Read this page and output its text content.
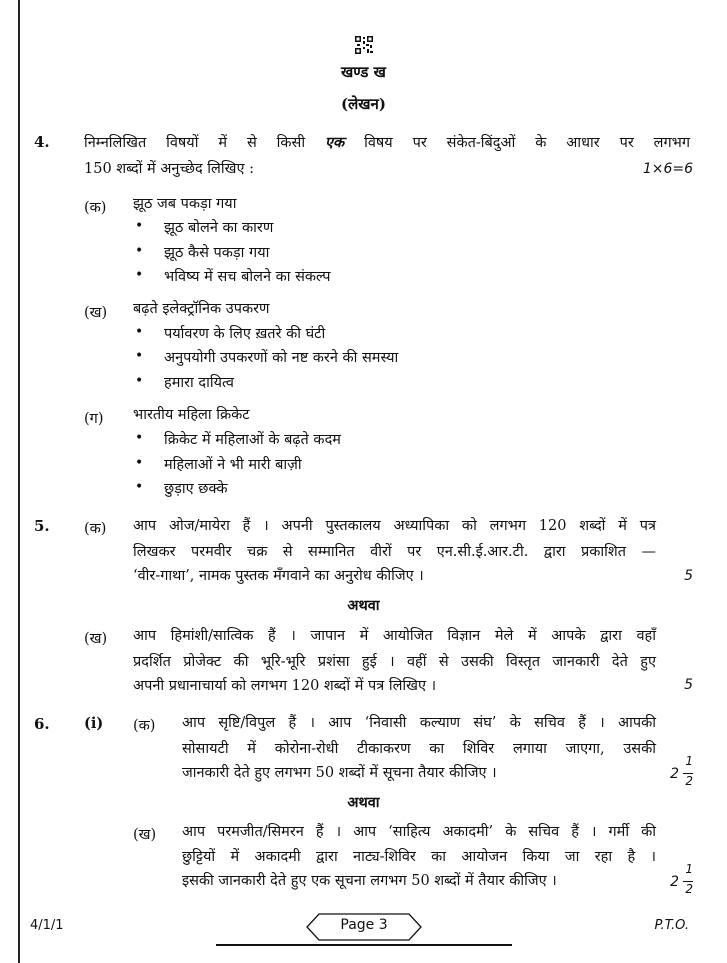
खण्ड ख
(लेखन)
4. निम्नलिखित विषयों में से किसी एक विषय पर संकेत-बिंदुओं के आधार पर लगभग
150 शब्दों में अनुच्छेद लिखिए :	1×6=6
(क) झूठ जब पकड़ा गया
• झूठ बोलने का कारण
• झूठ कैसे पकड़ा गया
• भविष्य में सच बोलने का संकल्प
(ख) बढ़ते इलेक्ट्रॉनिक उपकरण
• पर्यावरण के लिए ख़तरे की घंटी
• अनुपयोगी उपकरणों को नष्ट करने की समस्या
• हमारा दायित्व
(ग) भारतीय महिला क्रिकेट
• क्रिकेट में महिलाओं के बढ़ते कदम
• महिलाओं ने भी मारी बाज़ी
• छुड़ाए छक्के
5. (क) आप ओज/मायेरा हैं । अपनी पुस्तकालय अध्यापिका को लगभग 120 शब्दों में पत्र
लिखकर परमवीर चक्र से सम्मानित वीरों पर एन.सी.ई.आर.टी. द्वारा प्रकाशित —
‘वीर-गाथा’, नामक पुस्तक मँगवाने का अनुरोध कीजिए ।	5
अथवा
(ख) आप हिमांशी/सात्विक हैं । जापान में आयोजित विज्ञान मेले में आपके द्वारा वहाँ
प्रदर्शित प्रोजेक्ट की भूरि-भूरि प्रशंसा हुई । वहीं से उसकी विस्तृत जानकारी देते हुए
अपनी प्रधानाचार्या को लगभग 120 शब्दों में पत्र लिखिए ।	5
6. (i) (क) आप सृष्टि/विपुल हैं । आप ‘निवासी कल्याण संघ’ के सचिव हैं । आपकी
सोसायटी में कोरोना-रोधी टीकाकरण का शिविर लगाया जाएगा, उसकी
जानकारी देते हुए लगभग 50 शब्दों में सूचना तैयार कीजिए ।	2
1
2
अथवा
(ख) आप परमजीत/सिमरन हैं । आप ‘साहित्य अकादमी’ के सचिव हैं । गर्मी की
छुट्टियों में अकादमी द्वारा नाट्य-शिविर का आयोजन किया जा रहा है ।
इसकी जानकारी देते हुए एक सूचना लगभग 50 शब्दों में तैयार कीजिए ।	2
1
2
4/1/1	Page 3	P.T.O.
